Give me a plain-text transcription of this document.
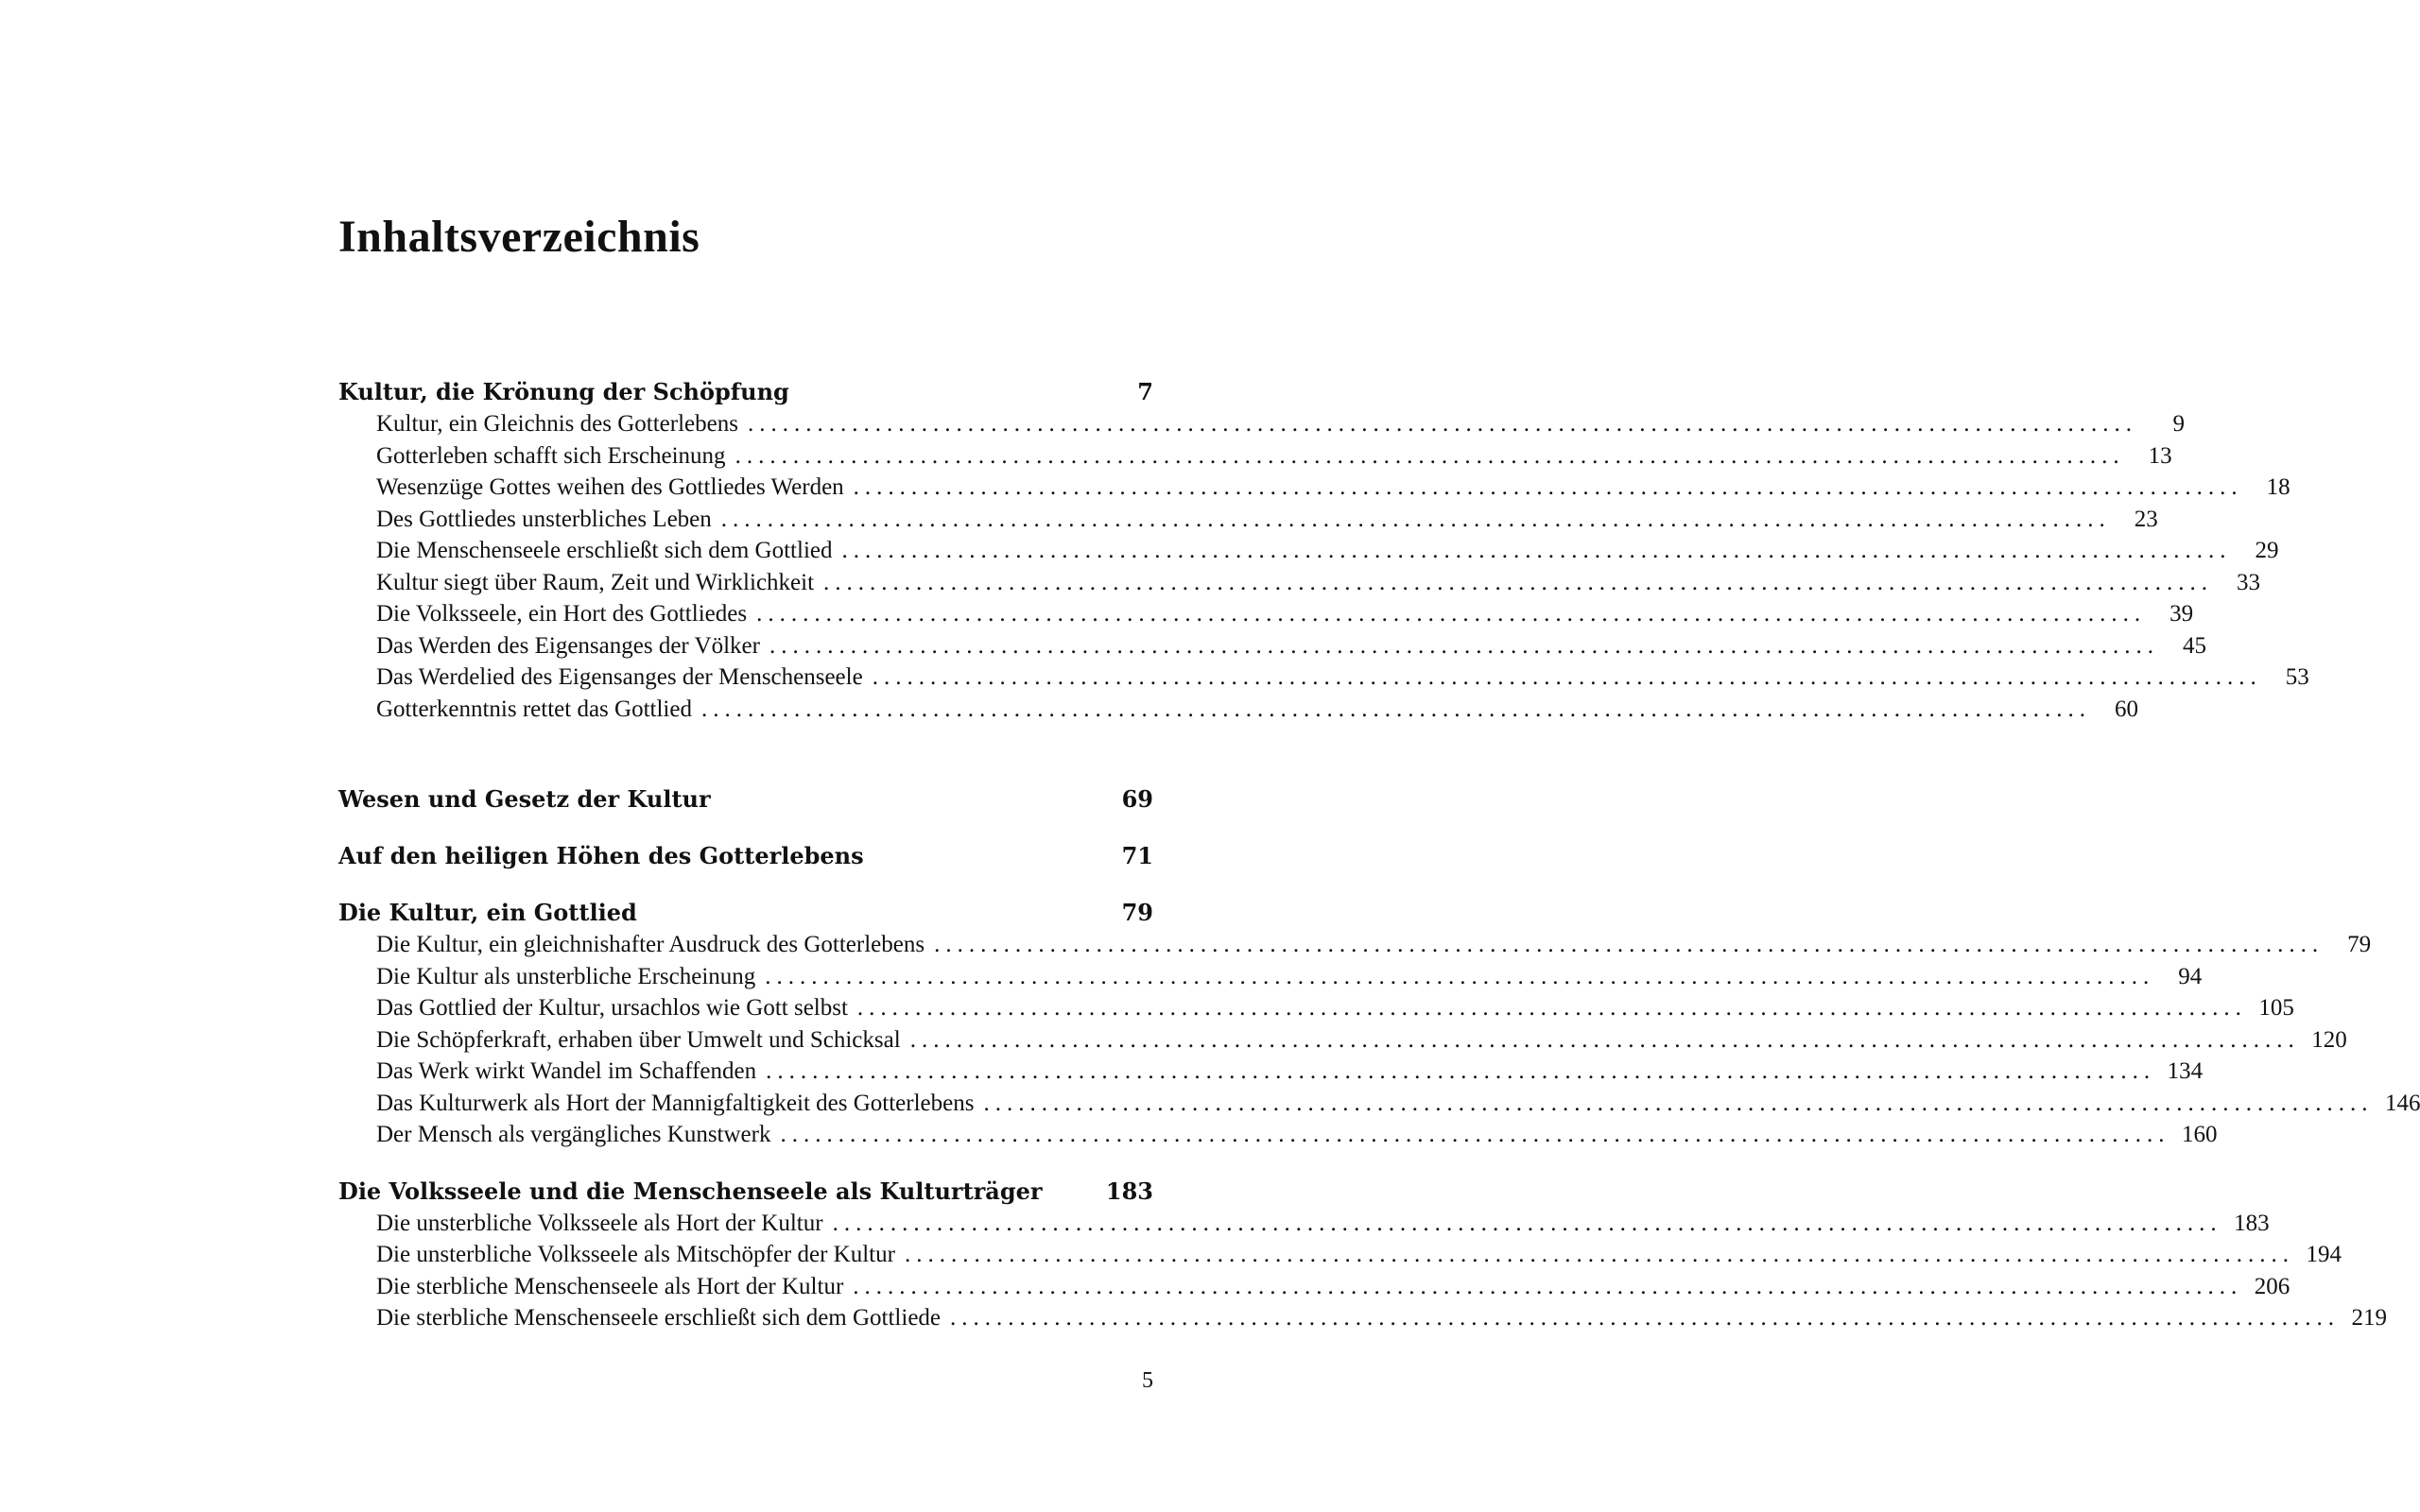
Inhaltsverzeichnis
Kultur, die Krönung der Schöpfung	7
Kultur, ein Gleichnis des Gotterlebens ........................................................................................................................	9
Gotterleben schafft sich Erscheinung ........................................................................................................................	13
Wesenzüge Gottes weihen des Gottliedes Werden ........................................................................................................................	18
Des Gottliedes unsterbliches Leben ........................................................................................................................	23
Die Menschenseele erschließt sich dem Gottlied ........................................................................................................................	29
Kultur siegt über Raum, Zeit und Wirklichkeit ........................................................................................................................	33
Die Volksseele, ein Hort des Gottliedes ........................................................................................................................	39
Das Werden des Eigensanges der Völker ........................................................................................................................	45
Das Werdelied des Eigensanges der Menschenseele ........................................................................................................................	53
Gotterkenntnis rettet das Gottlied ........................................................................................................................	60
Wesen und Gesetz der Kultur	69
Auf den heiligen Höhen des Gotterlebens	71
Die Kultur, ein Gottlied	79
Die Kultur, ein gleichnishafter Ausdruck des Gotterlebens ........................................................................................................................	79
Die Kultur als unsterbliche Erscheinung ........................................................................................................................	94
Das Gottlied der Kultur, ursachlos wie Gott selbst ........................................................................................................................ 105
Die Schöpferkraft, erhaben über Umwelt und Schicksal ........................................................................................................................ 120
Das Werk wirkt Wandel im Schaffenden ........................................................................................................................ 134
Das Kulturwerk als Hort der Mannigfaltigkeit des Gotterlebens ........................................................................................................................ 146
Der Mensch als vergängliches Kunstwerk ........................................................................................................................ 160
Die Volksseele und die Menschenseele als Kulturträger	183
Die unsterbliche Volksseele als Hort der Kultur ........................................................................................................................ 183
Die unsterbliche Volksseele als Mitschöpfer der Kultur ........................................................................................................................ 194
Die sterbliche Menschenseele als Hort der Kultur ........................................................................................................................ 206
Die sterbliche Menschenseele erschließt sich dem Gottliede ........................................................................................................................ 219
5
